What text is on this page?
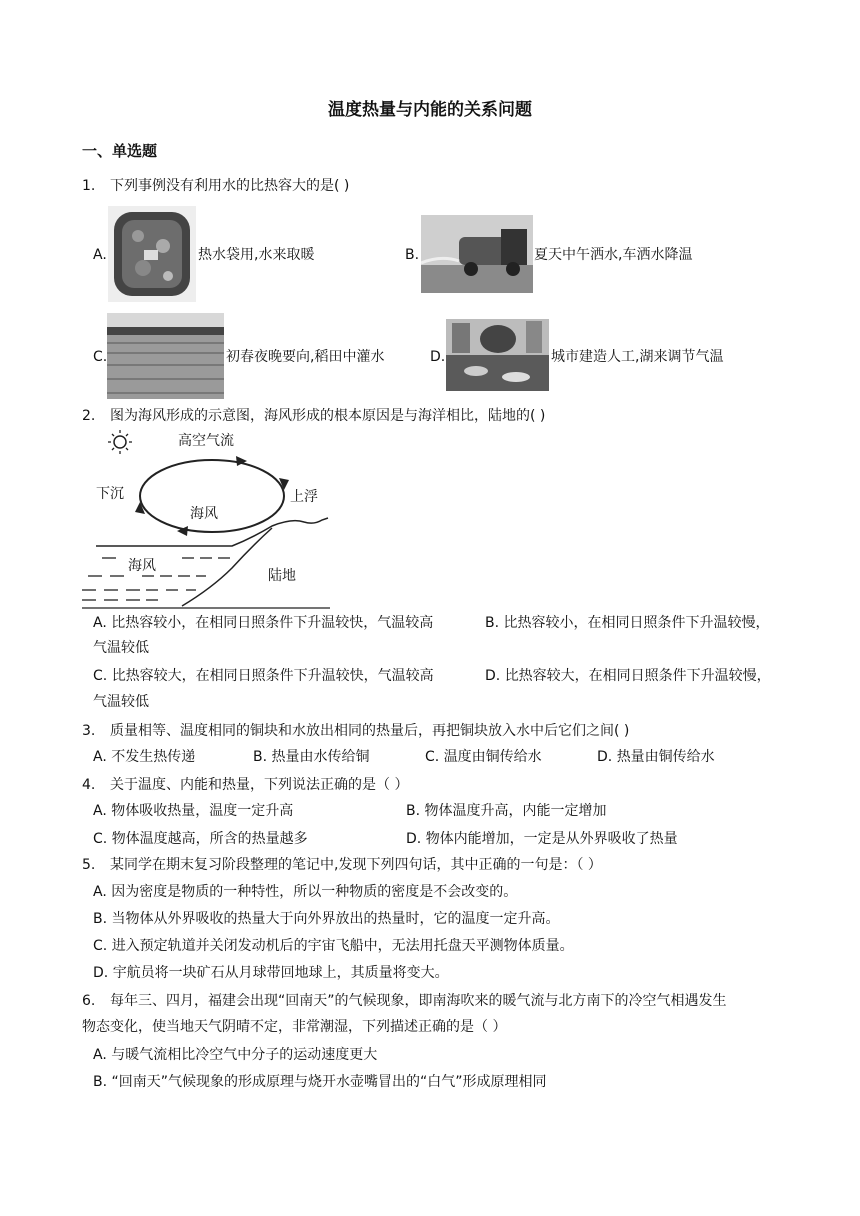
温度热量与内能的关系问题
一、单选题
1. 下列事例没有利用水的比热容大的是( )
A.	热水袋用,水来取暖	B.	夏天中午洒水,车洒水降温
C.	初春夜晚要向,稻田中灌水	D.	城市建造人工,湖来调节气温
2. 图为海风形成的示意图，海风形成的根本原因是与海洋相比，陆地的( )
高空气流
下沉	上浮
海风
海风
陆地
A. 比热容较小，在相同日照条件下升温较快，气温较高	B. 比热容较小，在相同日照条件下升温较慢，
气温较低
C. 比热容较大，在相同日照条件下升温较快，气温较高	D. 比热容较大，在相同日照条件下升温较慢，
气温较低
3. 质量相等、温度相同的铜块和水放出相同的热量后，再把铜块放入水中后它们之间( )
A. 不发生热传递	B. 热量由水传给铜	C. 温度由铜传给水	D. 热量由铜传给水
4. 关于温度、内能和热量，下列说法正确的是（ ）
A. 物体吸收热量，温度一定升高	B. 物体温度升高，内能一定增加
C. 物体温度越高，所含的热量越多	D. 物体内能增加，一定是从外界吸收了热量
5. 某同学在期末复习阶段整理的笔记中,发现下列四句话，其中正确的一句是：（ ）
A. 因为密度是物质的一种特性，所以一种物质的密度是不会改变的。
B. 当物体从外界吸收的热量大于向外界放出的热量时，它的温度一定升高。
C. 进入预定轨道并关闭发动机后的宇宙飞船中，无法用托盘天平测物体质量。
D. 宇航员将一块矿石从月球带回地球上，其质量将变大。
6. 每年三、四月，福建会出现“回南天”的气候现象，即南海吹来的暖气流与北方南下的冷空气相遇发生
物态变化，使当地天气阴晴不定，非常潮湿，下列描述正确的是（ ）
A. 与暖气流相比冷空气中分子的运动速度更大
B. “回南天”气候现象的形成原理与烧开水壶嘴冒出的“白气”形成原理相同
